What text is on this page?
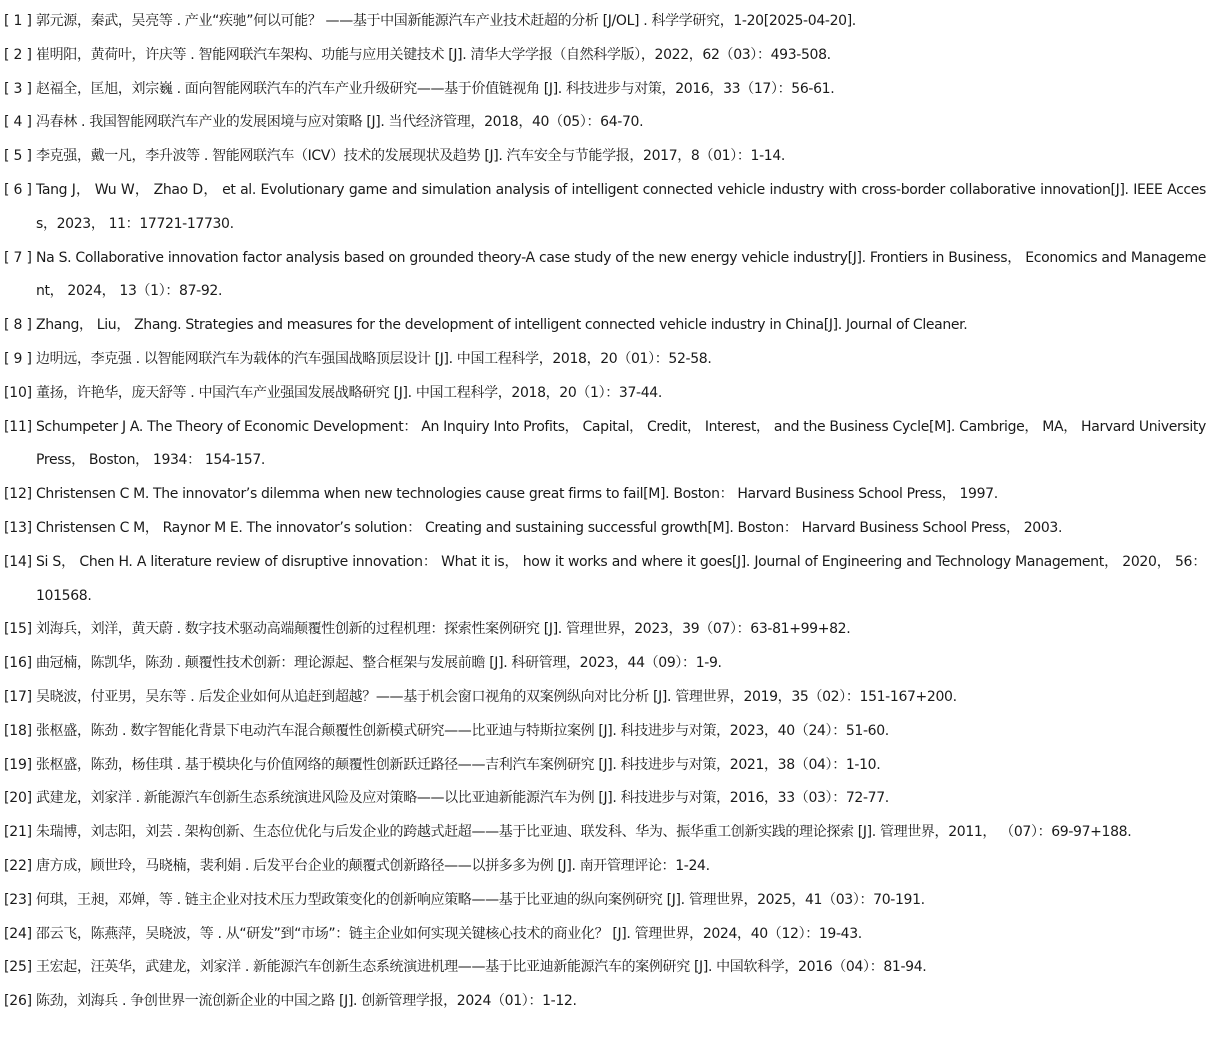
[ 1 ] 郭元源，秦武，吴亮等 . 产业“疾驰”何以可能？ ——基于中国新能源汽车产业技术赶超的分析 [J/OL] . 科学学研究，1-20[2025-04-20].
[ 2 ] 崔明阳，黄荷叶，许庆等 . 智能网联汽车架构、功能与应用关键技术 [J]. 清华大学学报（自然科学版），2022，62（03）：493-508.
[ 3 ] 赵福全，匡旭，刘宗巍 . 面向智能网联汽车的汽车产业升级研究——基于价值链视角 [J]. 科技进步与对策，2016，33（17）：56-61.
[ 4 ] 冯春林 . 我国智能网联汽车产业的发展困境与应对策略 [J]. 当代经济管理，2018，40（05）：64-70.
[ 5 ] 李克强，戴一凡，李升波等 . 智能网联汽车（ICV）技术的发展现状及趋势 [J]. 汽车安全与节能学报，2017，8（01）：1-14.
[ 6 ] Tang J， Wu W， Zhao D， et al. Evolutionary game and simulation analysis of intelligent connected vehicle industry with cross-border collaborative innovation[J]. IEEE Access，2023， 11：17721-17730.
[ 7 ] Na S. Collaborative innovation factor analysis based on grounded theory-A case study of the new energy vehicle industry[J]. Frontiers in Business， Economics and Management， 2024， 13（1）：87-92.
[ 8 ] Zhang， Liu， Zhang. Strategies and measures for the development of intelligent connected vehicle industry in China[J]. Journal of Cleaner.
[ 9 ] 边明远，李克强 . 以智能网联汽车为载体的汽车强国战略顶层设计 [J]. 中国工程科学，2018，20（01）：52-58.
[10] 董扬，许艳华，庞天舒等 . 中国汽车产业强国发展战略研究 [J]. 中国工程科学，2018，20（1）：37-44.
[11] Schumpeter J A. The Theory of Economic Development： An Inquiry Into Profits， Capital， Credit， Interest， and the Business Cycle[M]. Cambrige， MA， Harvard University Press， Boston， 1934： 154-157.
[12] Christensen C M. The innovator’s dilemma when new technologies cause great firms to fail[M]. Boston： Harvard Business School Press， 1997.
[13] Christensen C M， Raynor M E. The innovator’s solution： Creating and sustaining successful growth[M]. Boston： Harvard Business School Press， 2003.
[14] Si S， Chen H. A literature review of disruptive innovation： What it is， how it works and where it goes[J]. Journal of Engineering and Technology Management， 2020， 56： 101568.
[15] 刘海兵，刘洋，黄天蔚 . 数字技术驱动高端颠覆性创新的过程机理：探索性案例研究 [J]. 管理世界，2023，39（07）：63-81+99+82.
[16] 曲冠楠，陈凯华，陈劲 . 颠覆性技术创新：理论源起、整合框架与发展前瞻 [J]. 科研管理，2023，44（09）：1-9.
[17] 吴晓波，付亚男，吴东等 . 后发企业如何从追赶到超越？——基于机会窗口视角的双案例纵向对比分析 [J]. 管理世界，2019，35（02）：151-167+200.
[18] 张枢盛，陈劲 . 数字智能化背景下电动汽车混合颠覆性创新模式研究——比亚迪与特斯拉案例 [J]. 科技进步与对策，2023，40（24）：51-60.
[19] 张枢盛，陈劲，杨佳琪 . 基于模块化与价值网络的颠覆性创新跃迁路径——吉利汽车案例研究 [J]. 科技进步与对策，2021，38（04）：1-10.
[20] 武建龙，刘家洋 . 新能源汽车创新生态系统演进风险及应对策略——以比亚迪新能源汽车为例 [J]. 科技进步与对策，2016，33（03）：72-77.
[21] 朱瑞博，刘志阳，刘芸 . 架构创新、生态位优化与后发企业的跨越式赶超——基于比亚迪、联发科、华为、振华重工创新实践的理论探索 [J]. 管理世界，2011， （07）：69-97+188.
[22] 唐方成，顾世玲，马晓楠，裴利娟 . 后发平台企业的颠覆式创新路径——以拼多多为例 [J]. 南开管理评论：1-24.
[23] 何琪，王昶，邓婵，等 . 链主企业对技术压力型政策变化的创新响应策略——基于比亚迪的纵向案例研究 [J]. 管理世界，2025，41（03）：70-191.
[24] 邵云飞，陈燕萍，吴晓波，等 . 从“研发”到“市场”：链主企业如何实现关键核心技术的商业化？ [J]. 管理世界，2024，40（12）：19-43.
[25] 王宏起，汪英华，武建龙，刘家洋 . 新能源汽车创新生态系统演进机理——基于比亚迪新能源汽车的案例研究 [J]. 中国软科学，2016（04）：81-94.
[26] 陈劲，刘海兵 . 争创世界一流创新企业的中国之路 [J]. 创新管理学报，2024（01）：1-12.
